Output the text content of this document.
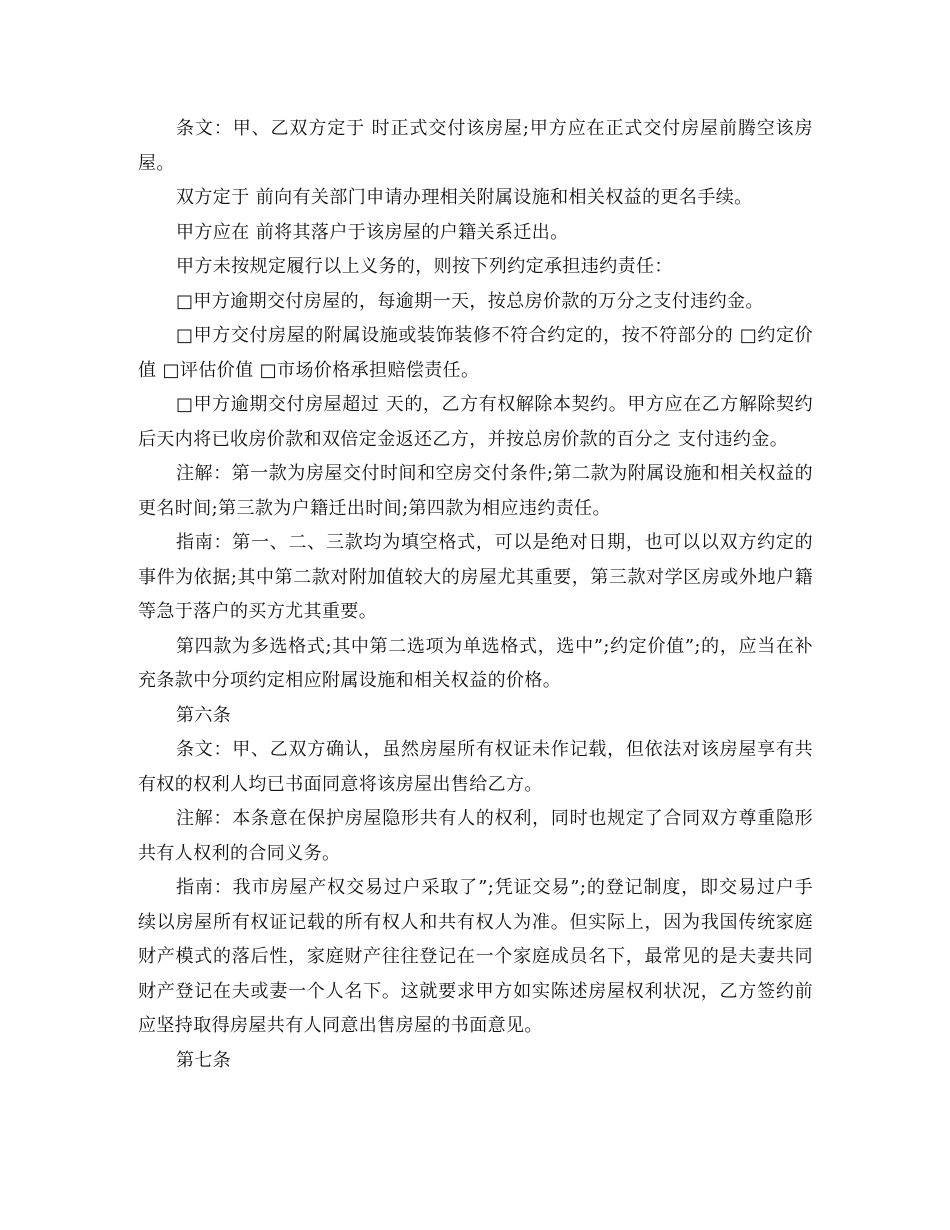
条文：甲、乙双方定于 时正式交付该房屋;甲方应在正式交付房屋前腾空该房屋。

双方定于 前向有关部门申请办理相关附属设施和相关权益的更名手续。

甲方应在 前将其落户于该房屋的户籍关系迁出。

甲方未按规定履行以上义务的，则按下列约定承担违约责任：

□甲方逾期交付房屋的，每逾期一天，按总房价款的万分之支付违约金。

□甲方交付房屋的附属设施或装饰装修不符合约定的，按不符部分的 □约定价值 □评估价值 □市场价格承担赔偿责任。

□甲方逾期交付房屋超过 天的，乙方有权解除本契约。甲方应在乙方解除契约后天内将已收房价款和双倍定金返还乙方，并按总房价款的百分之 支付违约金。

注解：第一款为房屋交付时间和空房交付条件;第二款为附属设施和相关权益的更名时间;第三款为户籍迁出时间;第四款为相应违约责任。

指南：第一、二、三款均为填空格式，可以是绝对日期，也可以以双方约定的事件为依据;其中第二款对附加值较大的房屋尤其重要，第三款对学区房或外地户籍等急于落户的买方尤其重要。

第四款为多选格式;其中第二选项为单选格式，选中”;约定价值”;的，应当在补充条款中分项约定相应附属设施和相关权益的价格。

第六条

条文：甲、乙双方确认，虽然房屋所有权证未作记载，但依法对该房屋享有共有权的权利人均已书面同意将该房屋出售给乙方。

注解：本条意在保护房屋隐形共有人的权利，同时也规定了合同双方尊重隐形共有人权利的合同义务。

指南：我市房屋产权交易过户采取了”;凭证交易”;的登记制度，即交易过户手续以房屋所有权证记载的所有权人和共有权人为准。但实际上，因为我国传统家庭财产模式的落后性，家庭财产往往登记在一个家庭成员名下，最常见的是夫妻共同财产登记在夫或妻一个人名下。这就要求甲方如实陈述房屋权利状况，乙方签约前应坚持取得房屋共有人同意出售房屋的书面意见。

第七条
